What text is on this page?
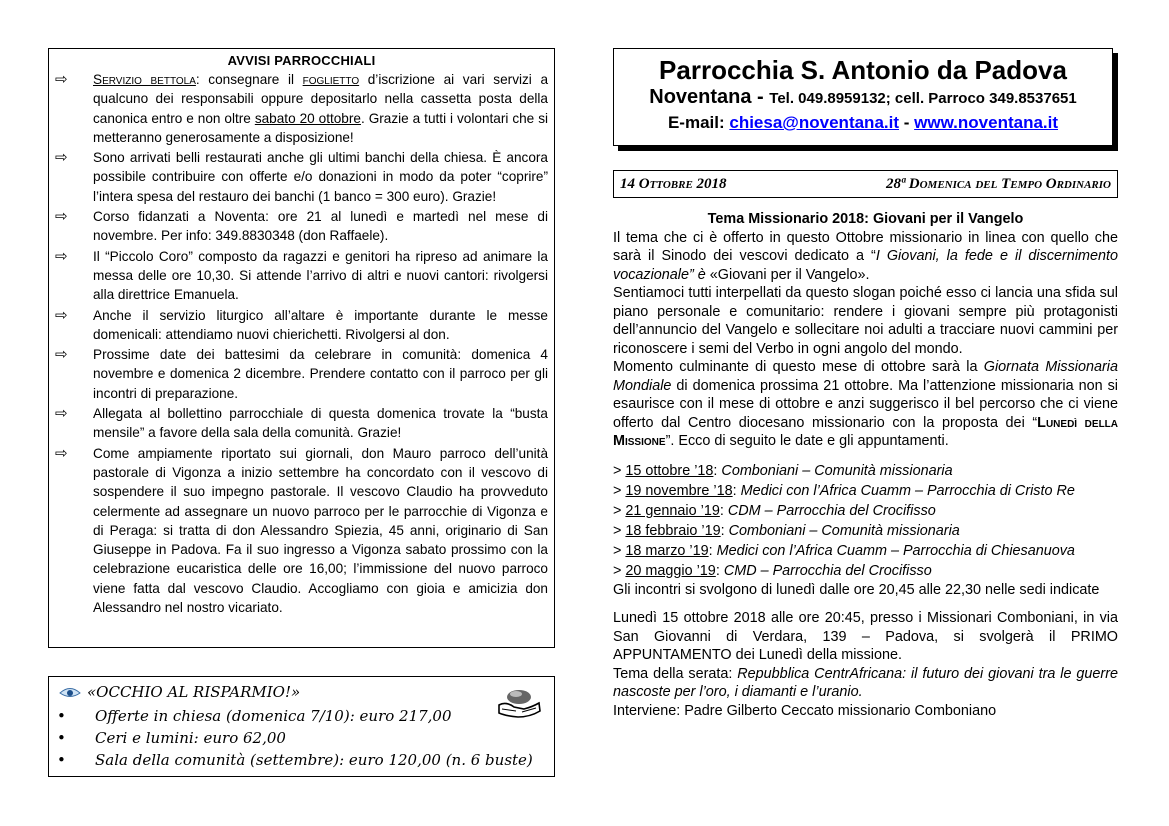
AVVISI PARROCCHIALI
⇨	Servizio bettola: consegnare il foglietto d’iscrizione ai vari servizi a qualcuno dei responsabili oppure depositarlo nella cassetta posta della canonica entro e non oltre sabato 20 ottobre. Grazie a tutti i volontari che si metteranno generosamente a disposizione!
⇨	Sono arrivati belli restaurati anche gli ultimi banchi della chiesa. È ancora possibile contribuire con offerte e/o donazioni in modo da poter “coprire” l’intera spesa del restauro dei banchi (1 banco = 300 euro). Grazie!
⇨	Corso fidanzati a Noventa: ore 21 al lunedì e martedì nel mese di novembre. Per info: 349.8830348 (don Raffaele).
⇨	Il “Piccolo Coro” composto da ragazzi e genitori ha ripreso ad animare la messa delle ore 10,30. Si attende l’arrivo di altri e nuovi cantori: rivolgersi alla direttrice Emanuela.
⇨	Anche il servizio liturgico all’altare è importante durante le messe domenicali: attendiamo nuovi chierichetti. Rivolgersi al don.
⇨	Prossime date dei battesimi da celebrare in comunità: domenica 4 novembre e domenica 2 dicembre. Prendere contatto con il parroco per gli incontri di preparazione.
⇨	Allegata al bollettino parrocchiale di questa domenica trovate la “busta mensile” a favore della sala della comunità. Grazie!
⇨	Come ampiamente riportato sui giornali, don Mauro parroco dell’unità pastorale di Vigonza a inizio settembre ha concordato con il vescovo di sospendere il suo impegno pastorale. Il vescovo Claudio ha provveduto celermente ad assegnare un nuovo parroco per le parrocchie di Vigonza e di Peraga: si tratta di don Alessandro Spiezia, 45 anni, originario di San Giuseppe in Padova. Fa il suo ingresso a Vigonza sabato prossimo con la celebrazione eucaristica delle ore 16,00; l’immissione del nuovo parroco viene fatta dal vescovo Claudio. Accogliamo con gioia e amicizia don Alessandro nel nostro vicariato.
«OCCHIO AL RISPARMIO!»
• Offerte in chiesa (domenica 7/10): euro 217,00
• Ceri e lumini: euro 62,00
• Sala della comunità (settembre): euro 120,00 (n. 6 buste)
Parrocchia S. Antonio da Padova
Noventana - Tel. 049.8959132; cell. Parroco 349.8537651
E-mail: chiesa@noventana.it - www.noventana.it
14 Ottobre 2018	28ª Domenica del Tempo Ordinario
Tema Missionario 2018: Giovani per il Vangelo

Il tema che ci è offerto in questo Ottobre missionario in linea con quello che sarà il Sinodo dei vescovi dedicato a “I Giovani, la fede e il discernimento vocazionale” è «Giovani per il Vangelo».

Sentiamoci tutti interpellati da questo slogan poiché esso ci lancia una sfida sul piano personale e comunitario: rendere i giovani sempre più protagonisti dell’annuncio del Vangelo e sollecitare noi adulti a tracciare nuovi cammini per riconoscere i semi del Verbo in ogni angolo del mondo.

Momento culminante di questo mese di ottobre sarà la Giornata Missionaria Mondiale di domenica prossima 21 ottobre. Ma l’attenzione missionaria non si esaurisce con il mese di ottobre e anzi suggerisco il bel percorso che ci viene offerto dal Centro diocesano missionario con la proposta dei “Lunedì della Missione”. Ecco di seguito le date e gli appuntamenti.

> 15 ottobre ’18: Comboniani – Comunità missionaria
> 19 novembre ’18: Medici con l’Africa Cuamm – Parrocchia di Cristo Re
> 21 gennaio ’19: CDM – Parrocchia del Crocifisso
> 18 febbraio ’19: Comboniani – Comunità missionaria
> 18 marzo ’19: Medici con l’Africa Cuamm – Parrocchia di Chiesanuova
> 20 maggio ’19: CMD – Parrocchia del Crocifisso

Gli incontri si svolgono di lunedì dalle ore 20,45 alle 22,30 nelle sedi indicate

Lunedì 15 ottobre 2018 alle ore 20:45, presso i Missionari Comboniani, in via San Giovanni di Verdara, 139 – Padova, si svolgerà il PRIMO APPUNTAMENTO dei Lunedì della missione.

Tema della serata: Repubblica CentrAfricana: il futuro dei giovani tra le guerre nascoste per l’oro, i diamanti e l’uranio.

Interviene: Padre Gilberto Ceccato missionario Comboniano
